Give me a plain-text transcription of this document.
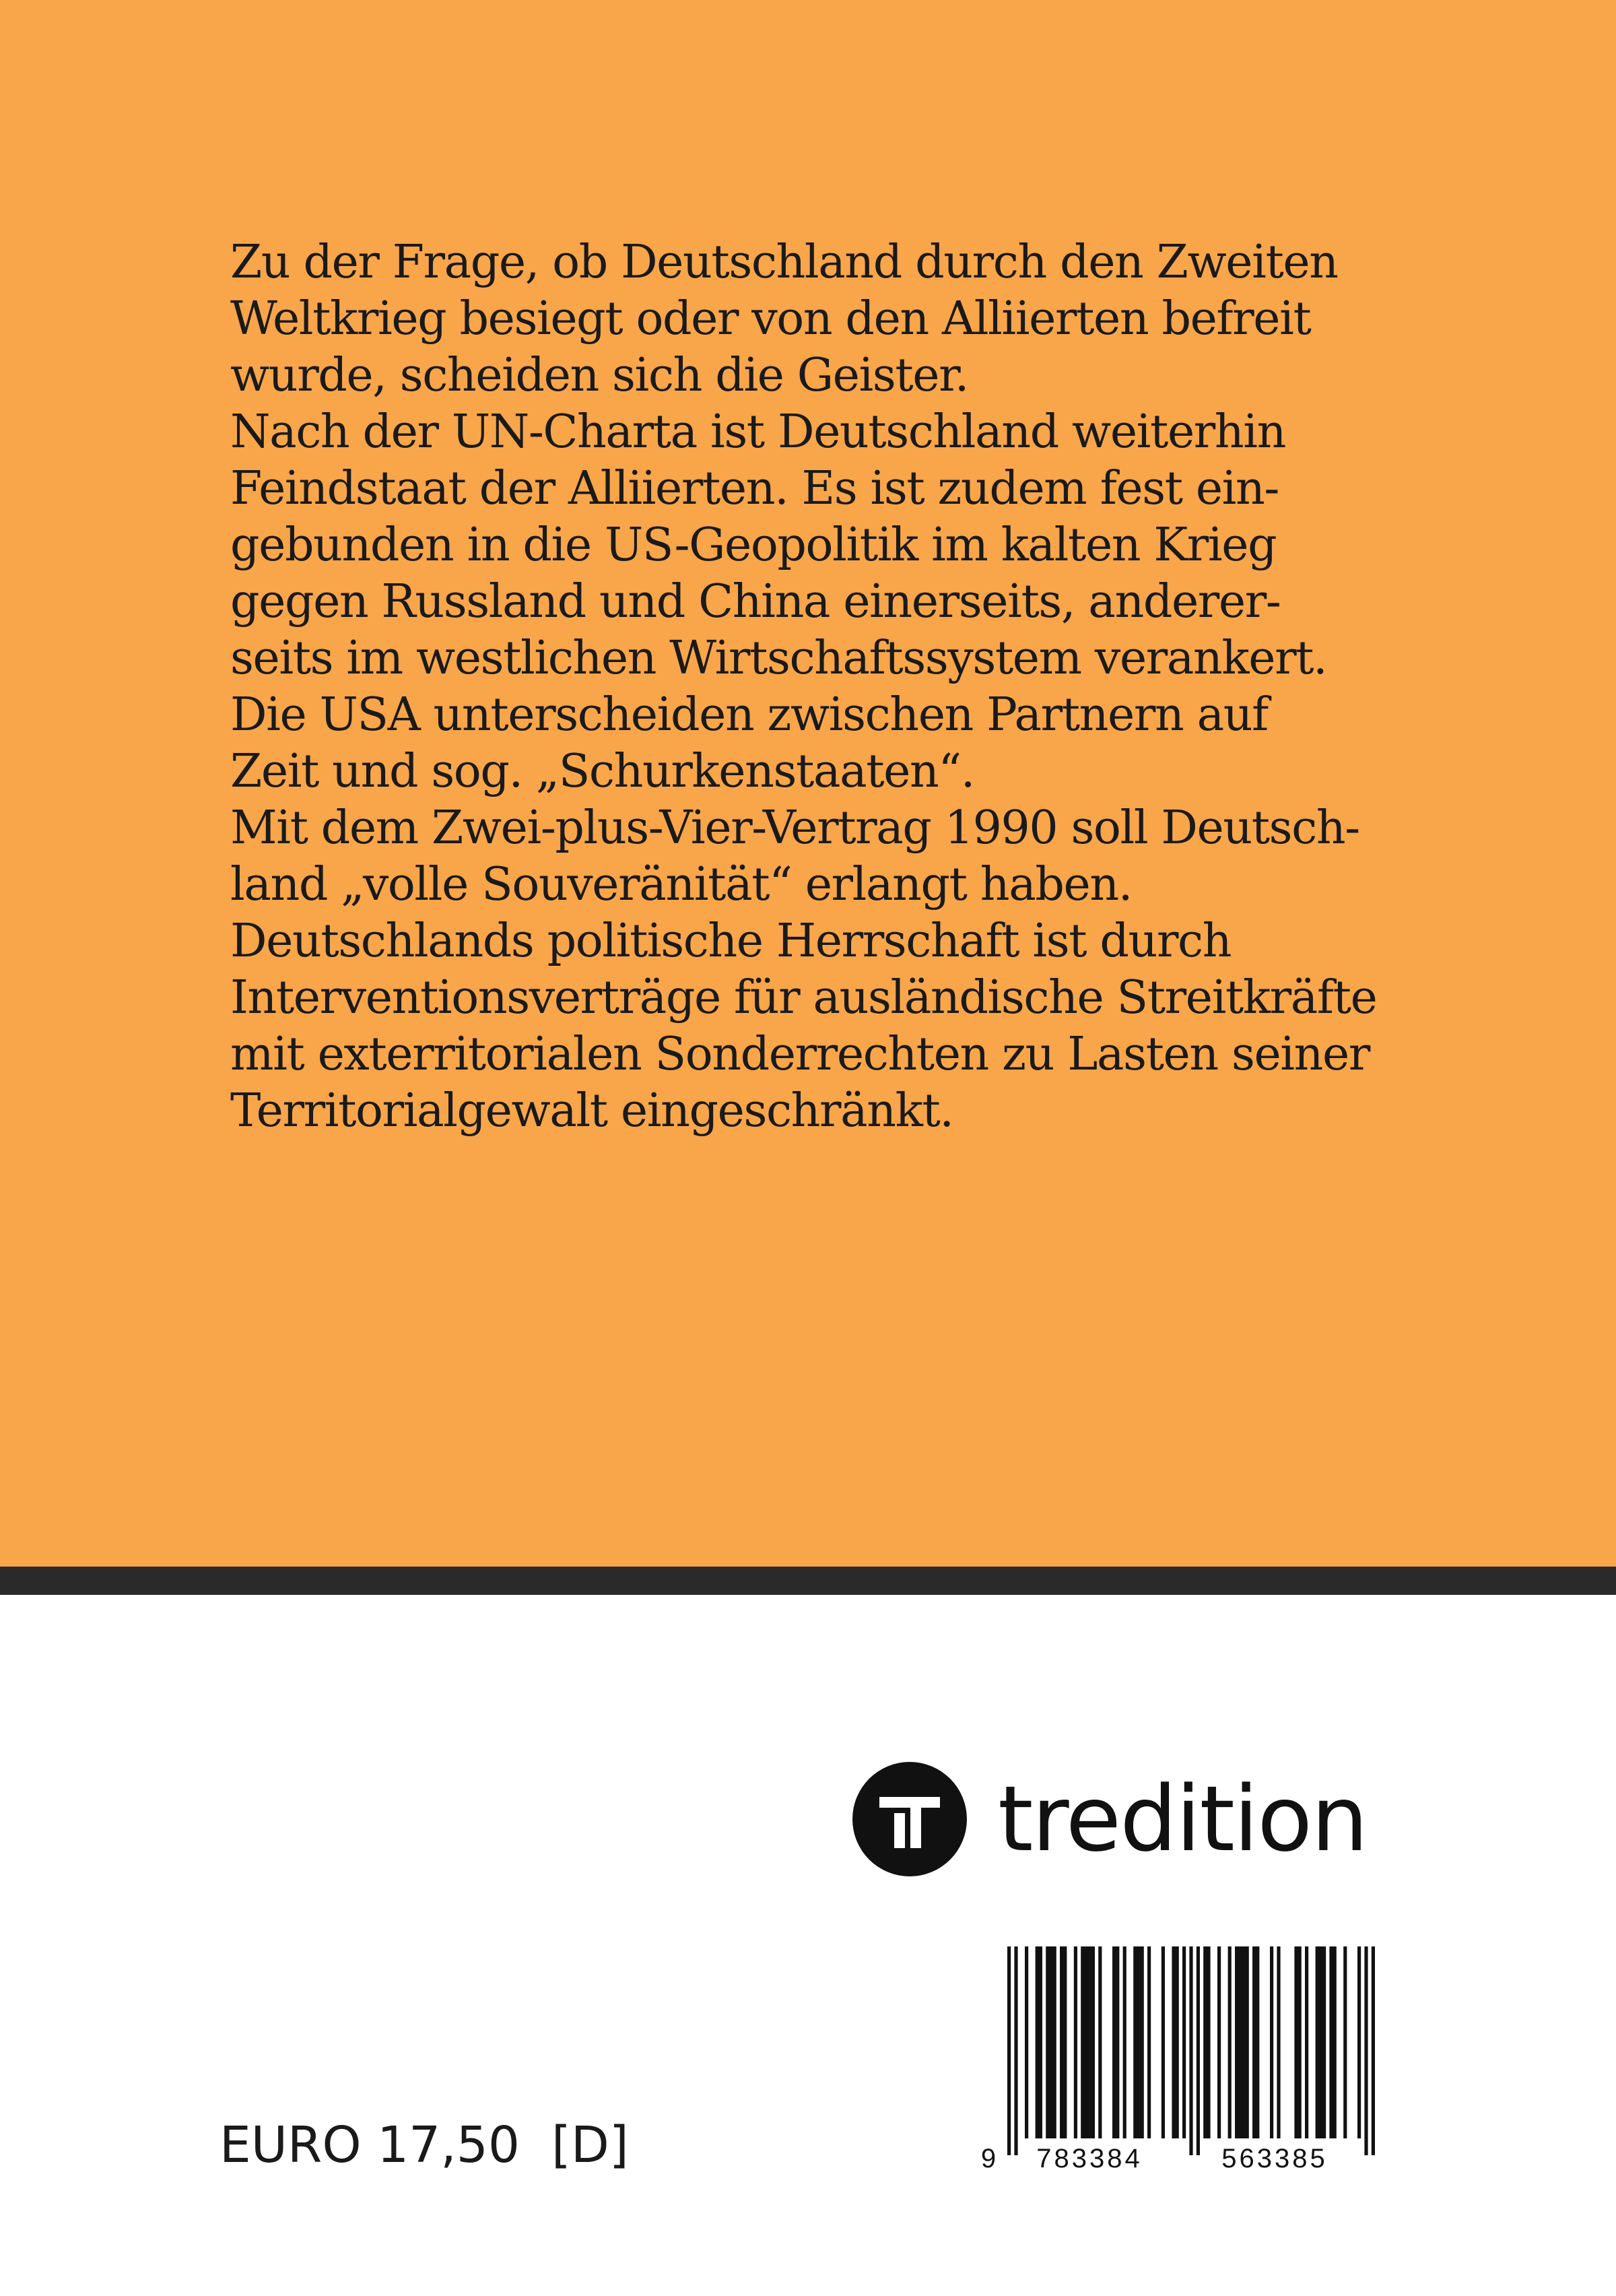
Zu der Frage, ob Deutschland durch den Zweiten
Weltkrieg besiegt oder von den Alliierten befreit
wurde, scheiden sich die Geister.
Nach der UN-Charta ist Deutschland weiterhin
Feindstaat der Alliierten. Es ist zudem fest ein-
gebunden in die US-Geopolitik im kalten Krieg
gegen Russland und China einerseits, anderer-
seits im westlichen Wirtschaftssystem verankert.
Die USA unterscheiden zwischen Partnern auf
Zeit und sog. „Schurkenstaaten“.
Mit dem Zwei-plus-Vier-Vertrag 1990 soll Deutsch-
land „volle Souveränität“ erlangt haben.
Deutschlands politische Herrschaft ist durch
Interventionsverträge für ausländische Streitkräfte
mit exterritorialen Sonderrechten zu Lasten seiner
Territorialgewalt eingeschränkt.

tredition
9 783384	563385
EURO 17,50  [D]
